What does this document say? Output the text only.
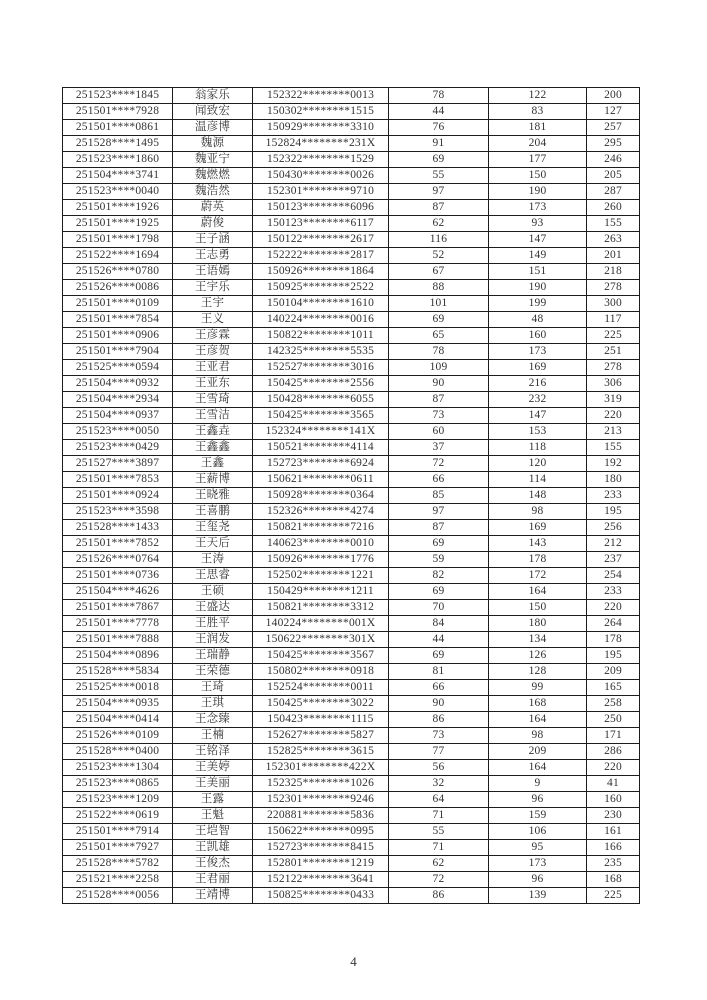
251523****1845	翁家乐	152322********0013	78	122	200
251501****7928	闻致宏	150302********1515	44	83	127
251501****0861	温彦博	150929********3310	76	181	257
251528****1495	魏源	152824********231X	91	204	295
251523****1860	魏亚宁	152322********1529	69	177	246
251504****3741	魏燃燃	150430********0026	55	150	205
251523****0040	魏浩然	152301********9710	97	190	287
251501****1926	蔚英	150123********6096	87	173	260
251501****1925	蔚俊	150123********6117	62	93	155
251501****1798	王子涵	150122********2617	116	147	263
251522****1694	王志勇	152222********2817	52	149	201
251526****0780	王语嫣	150926********1864	67	151	218
251526****0086	王宇乐	150925********2522	88	190	278
251501****0109	王宇	150104********1610	101	199	300
251501****7854	王义	140224********0016	69	48	117
251501****0906	王彦霖	150822********1011	65	160	225
251501****7904	王彦贺	142325********5535	78	173	251
251525****0594	王亚君	152527********3016	109	169	278
251504****0932	王亚东	150425********2556	90	216	306
251504****2934	王雪琦	150428********6055	87	232	319
251504****0937	王雪洁	150425********3565	73	147	220
251523****0050	王鑫垚	152324********141X	60	153	213
251523****0429	王鑫鑫	150521********4114	37	118	155
251527****3897	王鑫	152723********6924	72	120	192
251501****7853	王薪博	150621********0611	66	114	180
251501****0924	王晓雅	150928********0364	85	148	233
251523****3598	王喜鹏	152326********4274	97	98	195
251528****1433	王玺尧	150821********7216	87	169	256
251501****7852	王天后	140623********0010	69	143	212
251526****0764	王涛	150926********1776	59	178	237
251501****0736	王思睿	152502********1221	82	172	254
251504****4626	王硕	150429********1211	69	164	233
251501****7867	王盛达	150821********3312	70	150	220
251501****7778	王胜平	140224********001X	84	180	264
251501****7888	王润发	150622********301X	44	134	178
251504****0896	王瑞静	150425********3567	69	126	195
251528****5834	王荣德	150802********0918	81	128	209
251525****0018	王琦	152524********0011	66	99	165
251504****0935	王琪	150425********3022	90	168	258
251504****0414	王念臻	150423********1115	86	164	250
251526****0109	王楠	152627********5827	73	98	171
251528****0400	王铭泽	152825********3615	77	209	286
251523****1304	王美婷	152301********422X	56	164	220
251523****0865	王美丽	152325********1026	32	9	41
251523****1209	王露	152301********9246	64	96	160
251522****0619	王魁	220881********5836	71	159	230
251501****7914	王垲智	150622********0995	55	106	161
251501****7927	王凯雄	152723********8415	71	95	166
251528****5782	王俊杰	152801********1219	62	173	235
251521****2258	王君丽	152122********3641	72	96	168
251528****0056	王靖博	150825********0433	86	139	225
4
